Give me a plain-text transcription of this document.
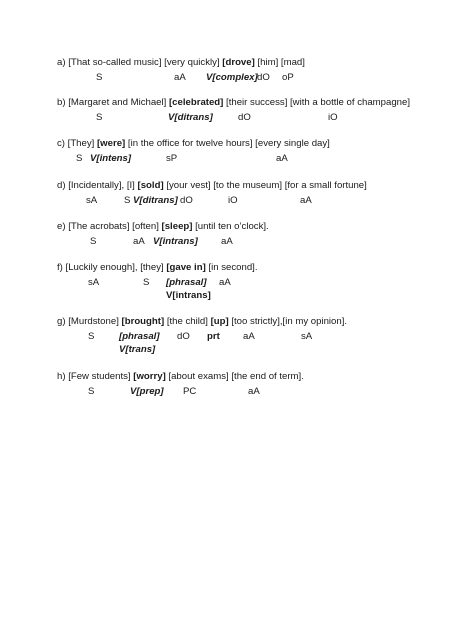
a) [That so-called music] [very quickly] [drove] [him] [mad]
S	aA V[complex] dO oP
b) [Margaret and Michael] [celebrated] [their success] [with a bottle of champagne]
S	V[ditrans]	dO	iO
c) [They] [were] [in the office for twelve hours] [every single day]
S V[intens]	sP	aA
d) [Incidentally], [I] [sold] [your vest] [to the museum] [for a small fortune]
sA	S V[ditrans] dO	iO	aA
e) [The acrobats] [often] [sleep] [until ten o’clock].
S	aA V[intrans] aA
f) [Luckily enough], [they] [gave in] [in second].
sA	S [phrasal] aA
V[intrans]
g) [Murdstone] [brought] [the child] [up] [too strictly],[in my opinion].
S	[phrasal] dO prt aA	sA
V[trans]
h) [Few students] [worry] [about exams] [the end of term].
S	V[prep] PC	aA
